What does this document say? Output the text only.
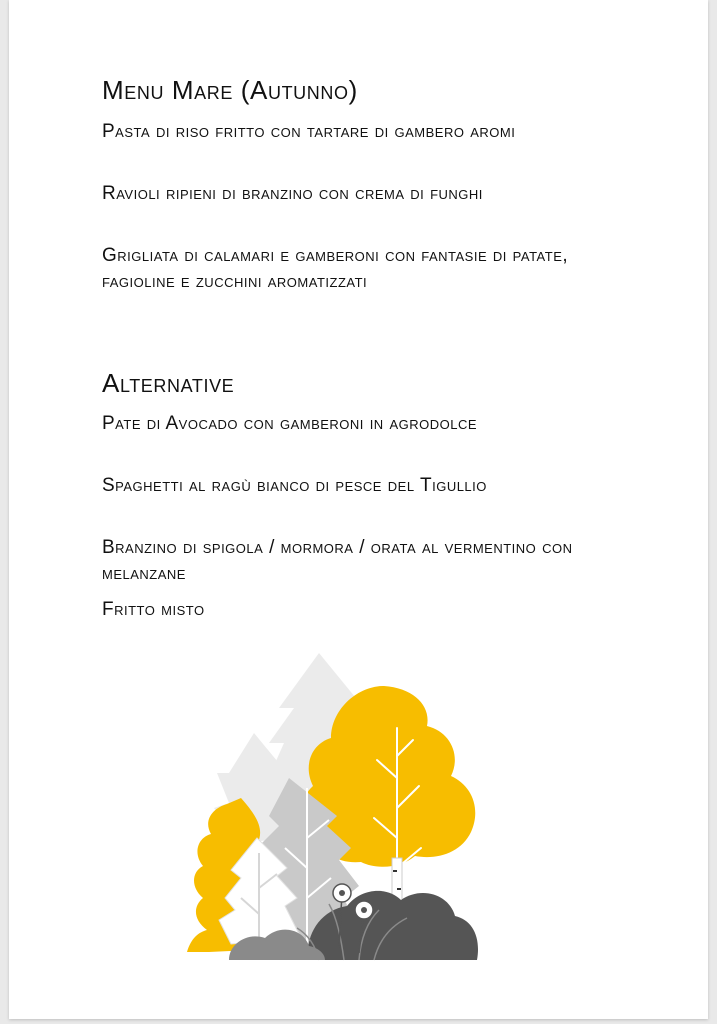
Menu Mare (Autunno)

Pasta di riso fritto con tartare di gambero aromi

Ravioli ripieni di branzino con crema di funghi

Grigliata di calamari e gamberoni con fantasie di patate, fagioline e zucchini aromatizzati

Alternative

Pate di Avocado con gamberoni in agrodolce

Spaghetti al ragù bianco di pesce del Tigullio

Branzino di spigola / mormora / orata al vermentino con melanzane

Fritto misto
